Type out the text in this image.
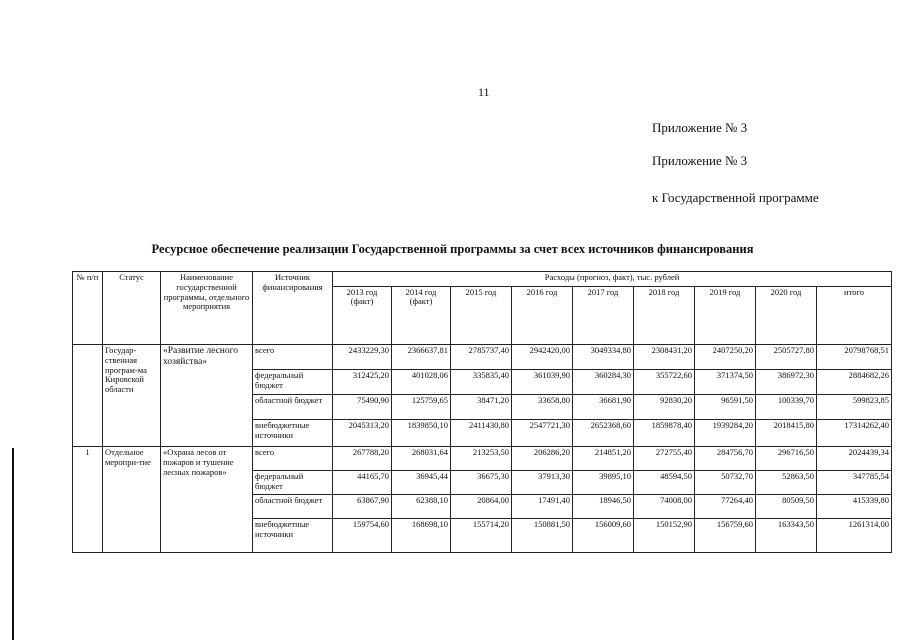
11
Приложение № 3
Приложение № 3
к Государственной программе
Ресурсное обеспечение реализации Государственной программы за счет всех источников финансирования
№ п/п	Статус	Наименование государственной программы, отдельного мероприятия	Источник финансирования	Расходы (прогноз, факт), тыс. рублей								
				2013 год (факт)	2014 год (факт)	2015 год	2016 год	2017 год	2018 год	2019 год	2020 год	итого
	Государ-ственная програм-ма Кировской области	«Развитие лесного хозяйства»	всего	2433229,30	2366637,81	2785737,40	2942420,00	3049334,80	2308431,20	2407250,20	2505727,80	20798768,51
			федеральный бюджет	312425,20	401028,06	335835,40	361039,90	360284,30	355722,60	371374,50	386972,30	2884682,26
			областной бюджет	75490,90	125759,65	38471,20	33658,80	36681,90	92830,20	96591,50	100339,70	599823,85
			внебюджетные источники	2045313,20	1839850,10	2411430,80	2547721,30	2652368,60	1859878,40	1939284,20	2018415,80	17314262,40
1	Отдельное меропри-тие	«Охрана лесов от пожаров и тушение лесных пожаров»	всего	267788,20	268031,64	213253,50	206286,20	214851,20	272755,40	284756,70	296716,50	2024439,34
			федеральный бюджет	44165,70	36945,44	36675,30	37913,30	39895,10	48594,50	50732,70	52863,50	347785,54
			областной бюджет	63867,90	62388,10	20864,00	17491,40	18946,50	74008,00	77264,40	80509,50	415339,80
			внебюджетные источники	159754,60	168698,10	155714,20	150881,50	156009,60	150152,90	156759,60	163343,50	1261314,00
